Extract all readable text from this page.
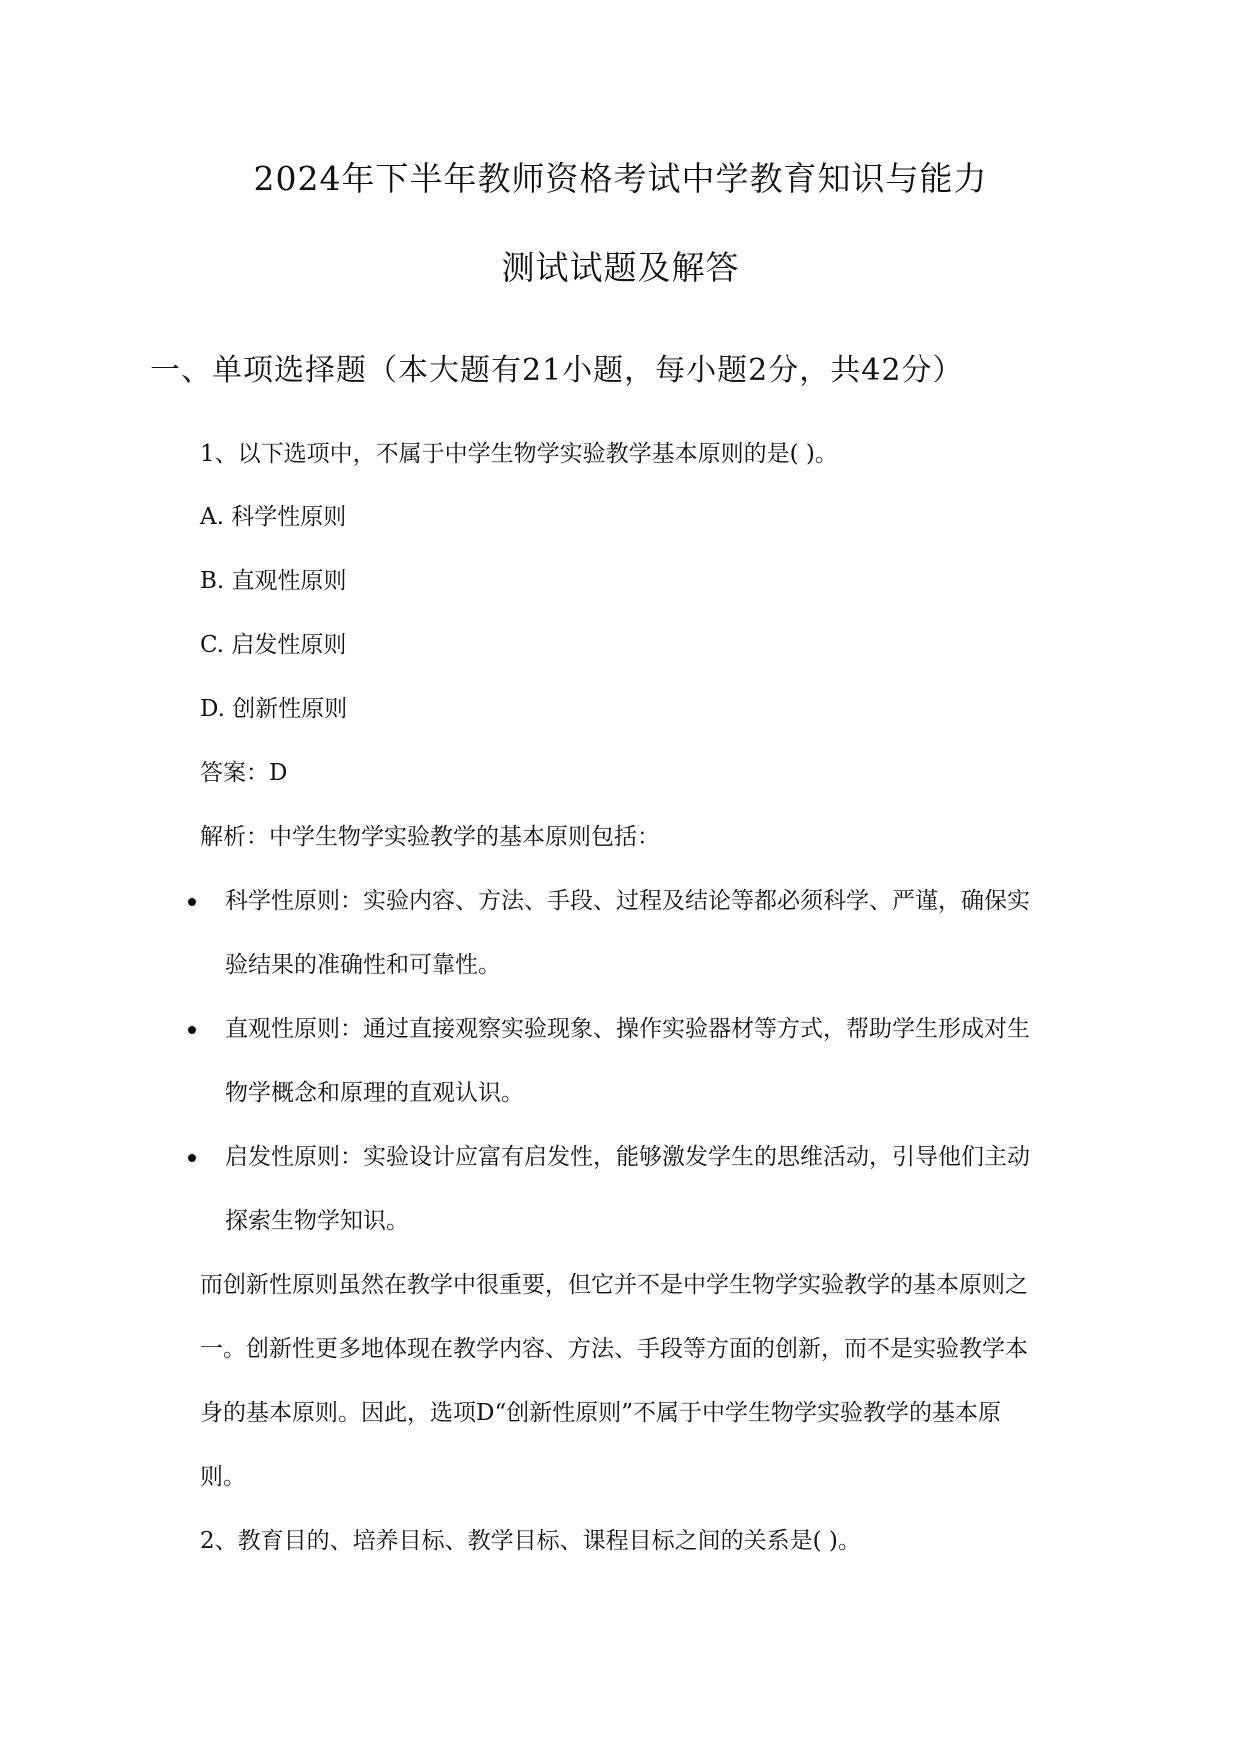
2024年下半年教师资格考试中学教育知识与能力
测试试题及解答
一、单项选择题（本大题有21小题，每小题2分，共42分）
1、以下选项中，不属于中学生物学实验教学基本原则的是( )。
A. 科学性原则
B. 直观性原则
C. 启发性原则
D. 创新性原则
答案：D
解析：中学生物学实验教学的基本原则包括：
科学性原则：实验内容、方法、手段、过程及结论等都必须科学、严谨，确保实
验结果的准确性和可靠性。
直观性原则：通过直接观察实验现象、操作实验器材等方式，帮助学生形成对生
物学概念和原理的直观认识。
启发性原则：实验设计应富有启发性，能够激发学生的思维活动，引导他们主动
探索生物学知识。
而创新性原则虽然在教学中很重要，但它并不是中学生物学实验教学的基本原则之
一。创新性更多地体现在教学内容、方法、手段等方面的创新，而不是实验教学本
身的基本原则。因此，选项D“创新性原则”不属于中学生物学实验教学的基本原
则。
2、教育目的、培养目标、教学目标、课程目标之间的关系是( )。
